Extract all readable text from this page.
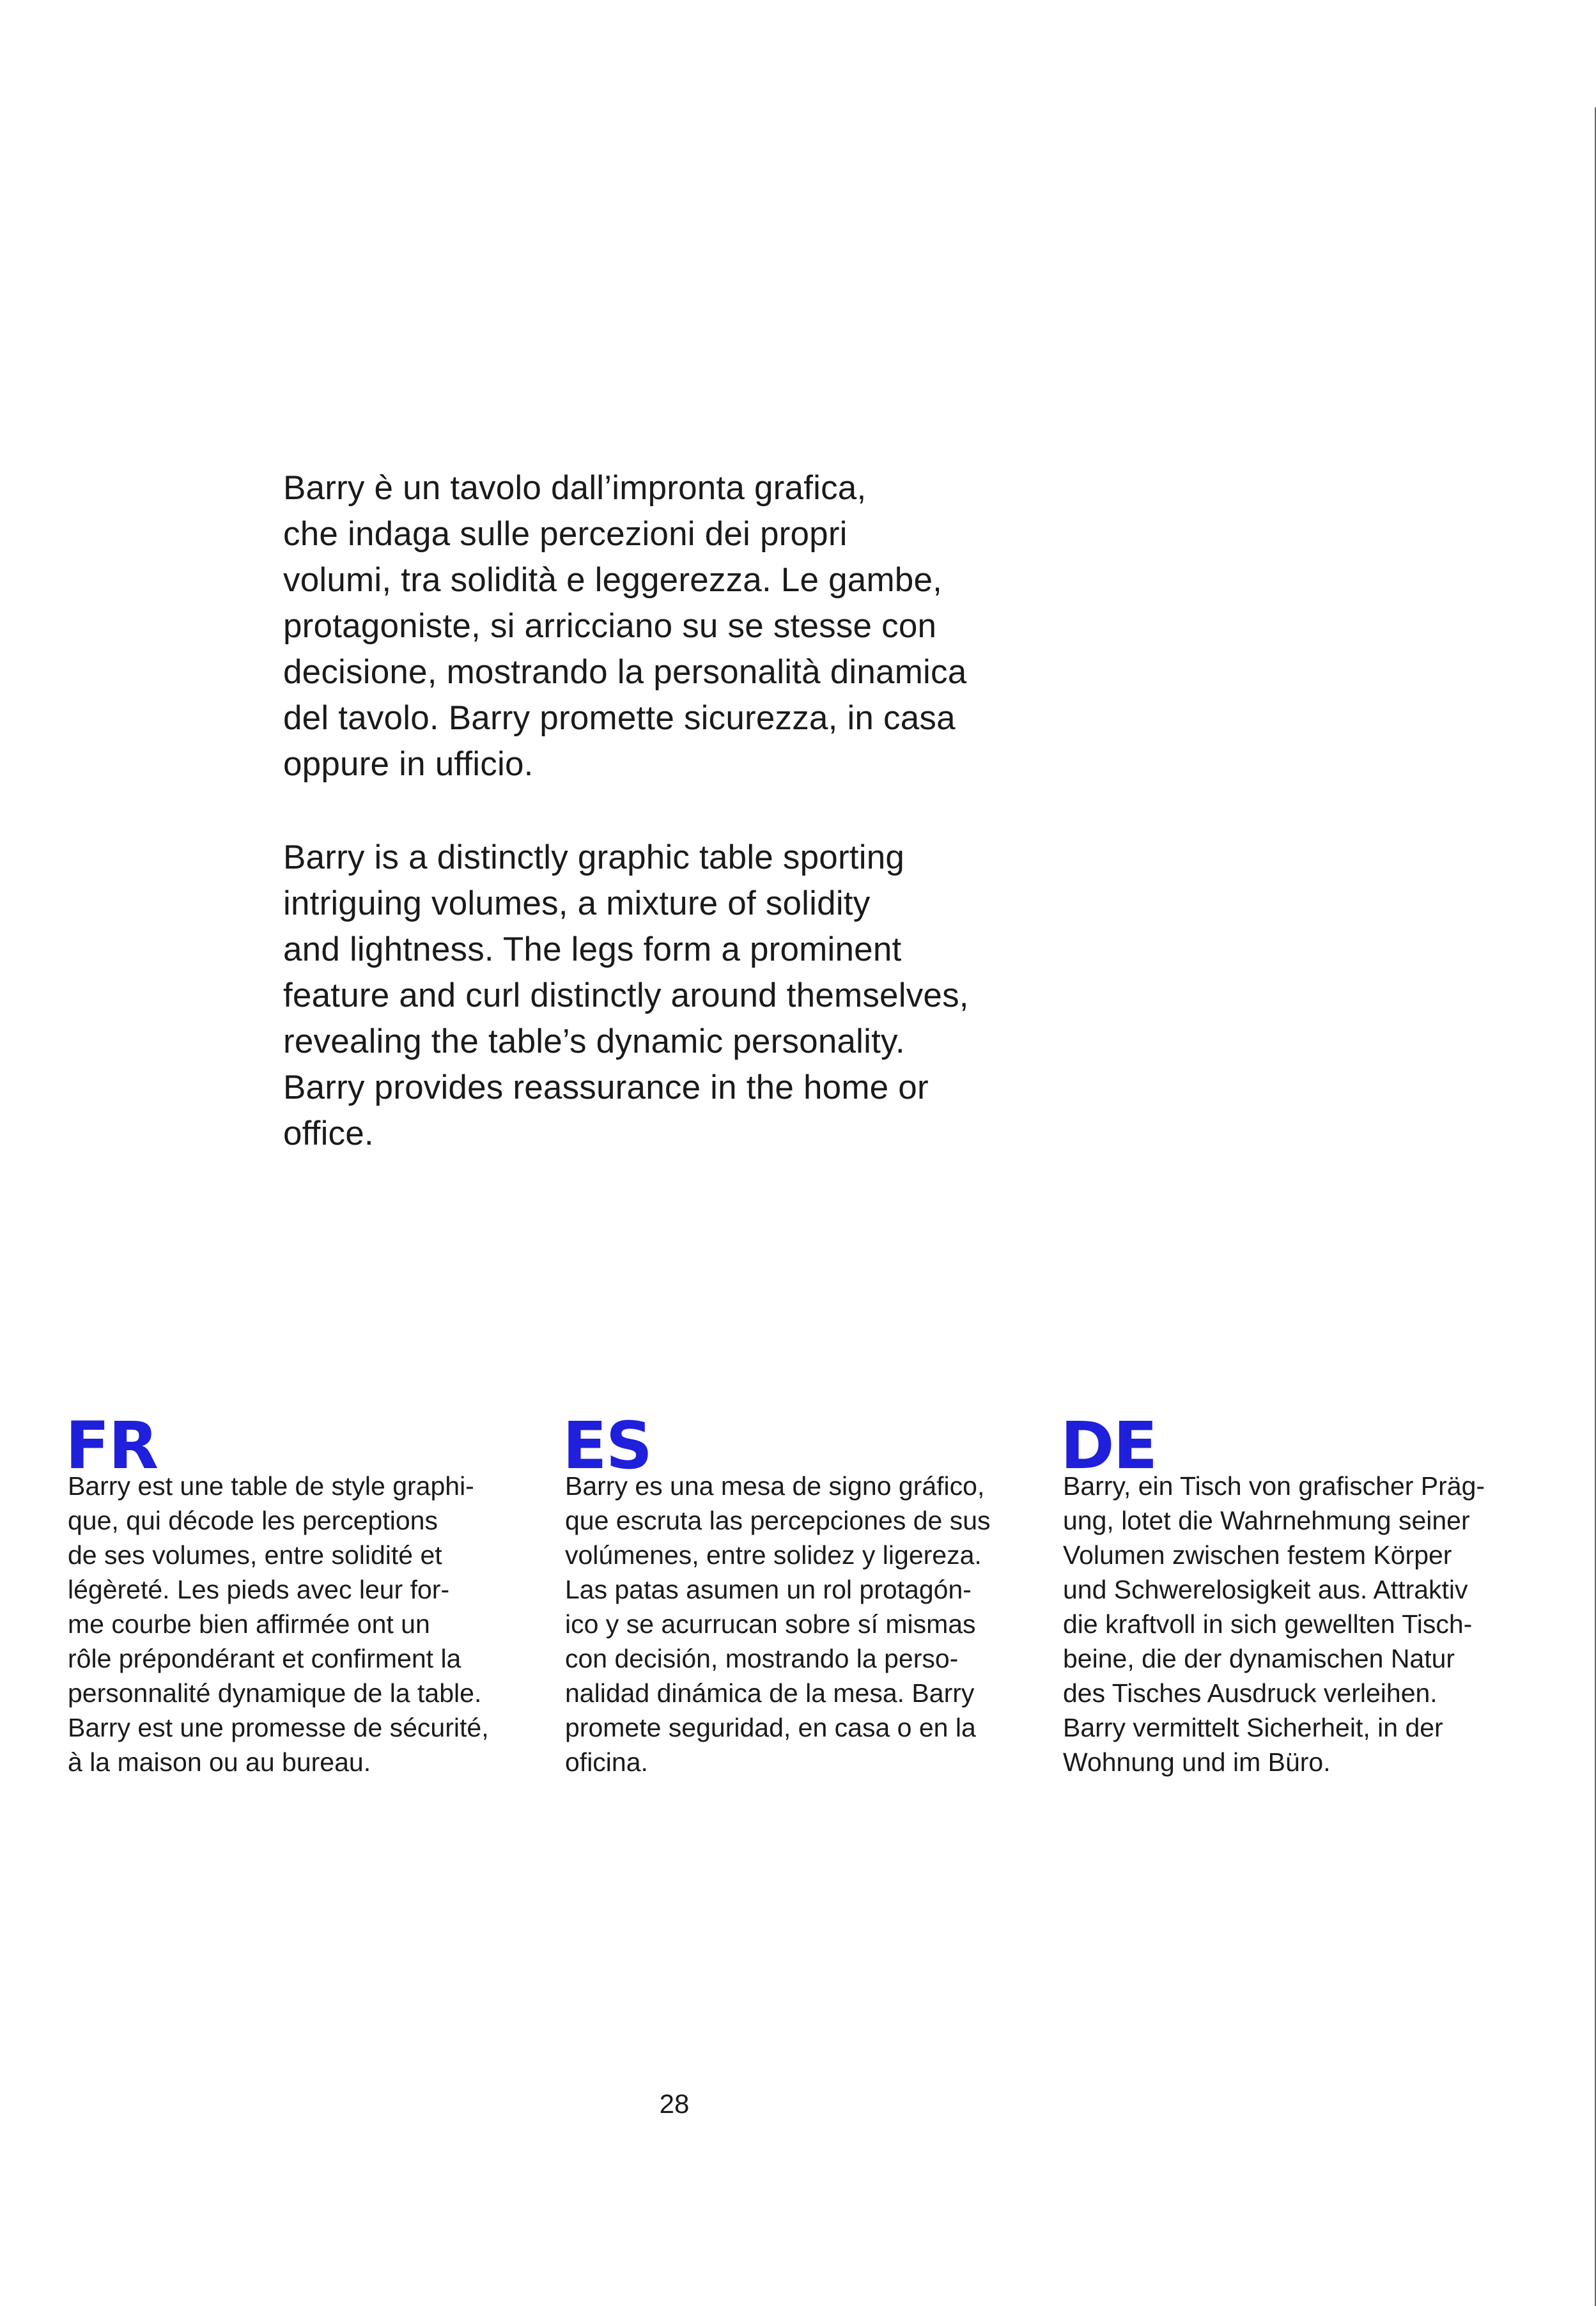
Barry è un tavolo dall’impronta grafica,
che indaga sulle percezioni dei propri
volumi, tra solidità e leggerezza. Le gambe,
protagoniste, si arricciano su se stesse con
decisione, mostrando la personalità dinamica
del tavolo. Barry promette sicurezza, in casa
oppure in ufficio.

Barry is a distinctly graphic table sporting
intriguing volumes, a mixture of solidity
and lightness. The legs form a prominent
feature and curl distinctly around themselves,
revealing the table’s dynamic personality.
Barry provides reassurance in the home or
office.

FR

Barry est une table de style graphi-
que, qui décode les perceptions
de ses volumes, entre solidité et
légèreté. Les pieds avec leur for-
me courbe bien affirmée ont un
rôle prépondérant et confirment la
personnalité dynamique de la table.
Barry est une promesse de sécurité,
à la maison ou au bureau.

ES

Barry es una mesa de signo gráfico,
que escruta las percepciones de sus
volúmenes, entre solidez y ligereza.
Las patas asumen un rol protagón-
ico y se acurrucan sobre sí mismas
con decisión, mostrando la perso-
nalidad dinámica de la mesa. Barry
promete seguridad, en casa o en la
oficina.

DE

Barry, ein Tisch von grafischer Präg-
ung, lotet die Wahrnehmung seiner
Volumen zwischen festem Körper
und Schwerelosigkeit aus. Attraktiv
die kraftvoll in sich gewellten Tisch-
beine, die der dynamischen Natur
des Tisches Ausdruck verleihen.
Barry vermittelt Sicherheit, in der
Wohnung und im Büro.

28
